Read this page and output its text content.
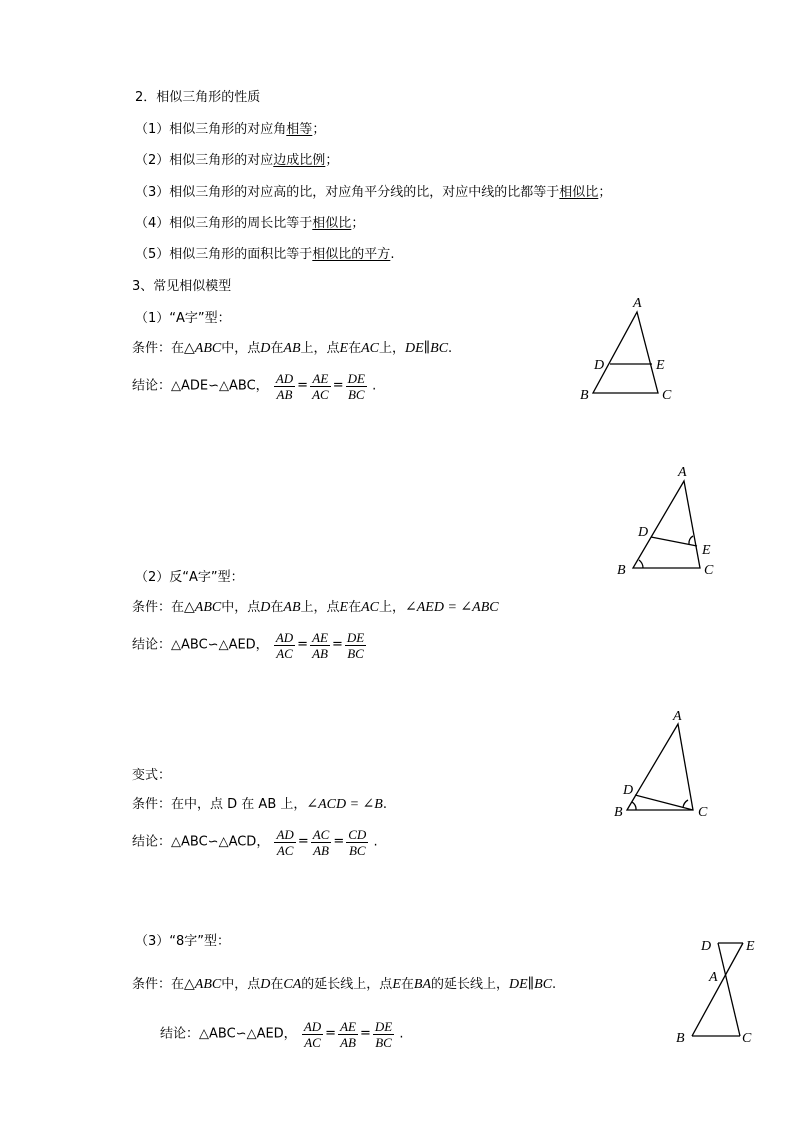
2．相似三角形的性质
（1）相似三角形的对应角相等；
（2）相似三角形的对应边成比例；
（3）相似三角形的对应高的比，对应角平分线的比，对应中线的比都等于相似比；
（4）相似三角形的周长比等于相似比；
（5）相似三角形的面积比等于相似比的平方.
3、常见相似模型
（1）“A字”型：
条件：在△ABC中，点D在AB上，点E在AC上，DE∥BC.
结论：△ADE∽△ABC， $\frac{AD}{AB} = \frac{AE}{AC} = \frac{DE}{BC}$ .
（2）反“A字”型：
条件：在△ABC中，点D在AB上，点E在AC上，∠AED = ∠ABC
结论：△ABC∽△AED， $\frac{AD}{AC} = \frac{AE}{AB} = \frac{DE}{BC}$
变式：
条件：在中，点 D 在 AB 上，∠ACD = ∠B.
结论：△ABC∽△ACD， $\frac{AD}{AC} = \frac{AC}{AB} = \frac{CD}{BC}$ .
（3）“8字”型：
条件：在△ABC中，点D在CA的延长线上，点E在BA的延长线上，DE∥BC.
结论：△ABC∽△AED， $\frac{AD}{AC} = \frac{AE}{AB} = \frac{DE}{BC}$ .
A
B	C
D	E
A
B	C
D
E
A
B	C
D
D E
A
B	C
